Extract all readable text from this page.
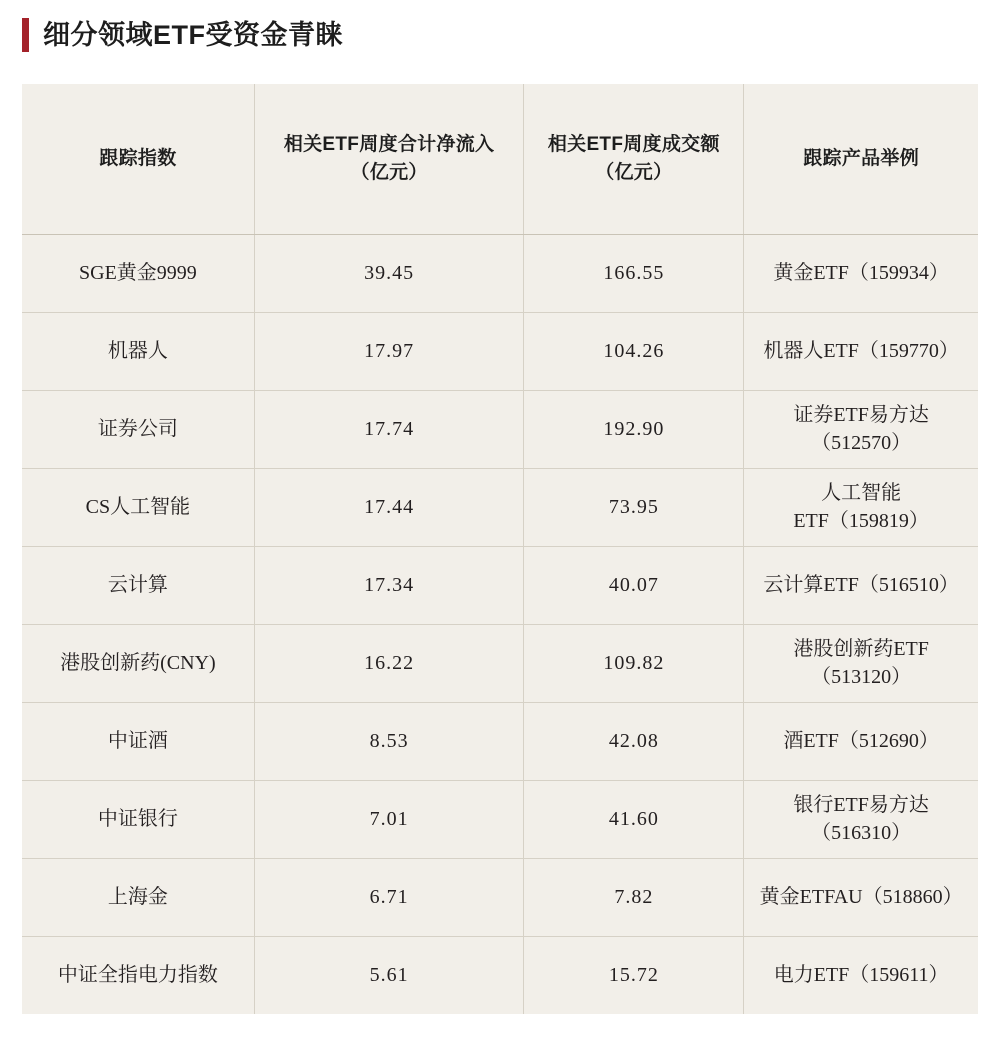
细分领域ETF受资金青睐
跟踪指数	相关ETF周度合计净流入（亿元）	相关ETF周度成交额（亿元）	跟踪产品举例
SGE黄金9999	39.45	166.55	黄金ETF（159934）
机器人	17.97	104.26	机器人ETF（159770）
证券公司	17.74	192.90	证券ETF易方达
（512570）
CS人工智能	17.44	73.95	人工智能
ETF（159819）
云计算	17.34	40.07	云计算ETF（516510）
港股创新药(CNY)	16.22	109.82	港股创新药ETF
（513120）
中证酒	8.53	42.08	酒ETF（512690）
中证银行	7.01	41.60	银行ETF易方达
（516310）
上海金	6.71	7.82	黄金ETFAU（518860）
中证全指电力指数	5.61	15.72	电力ETF（159611）
